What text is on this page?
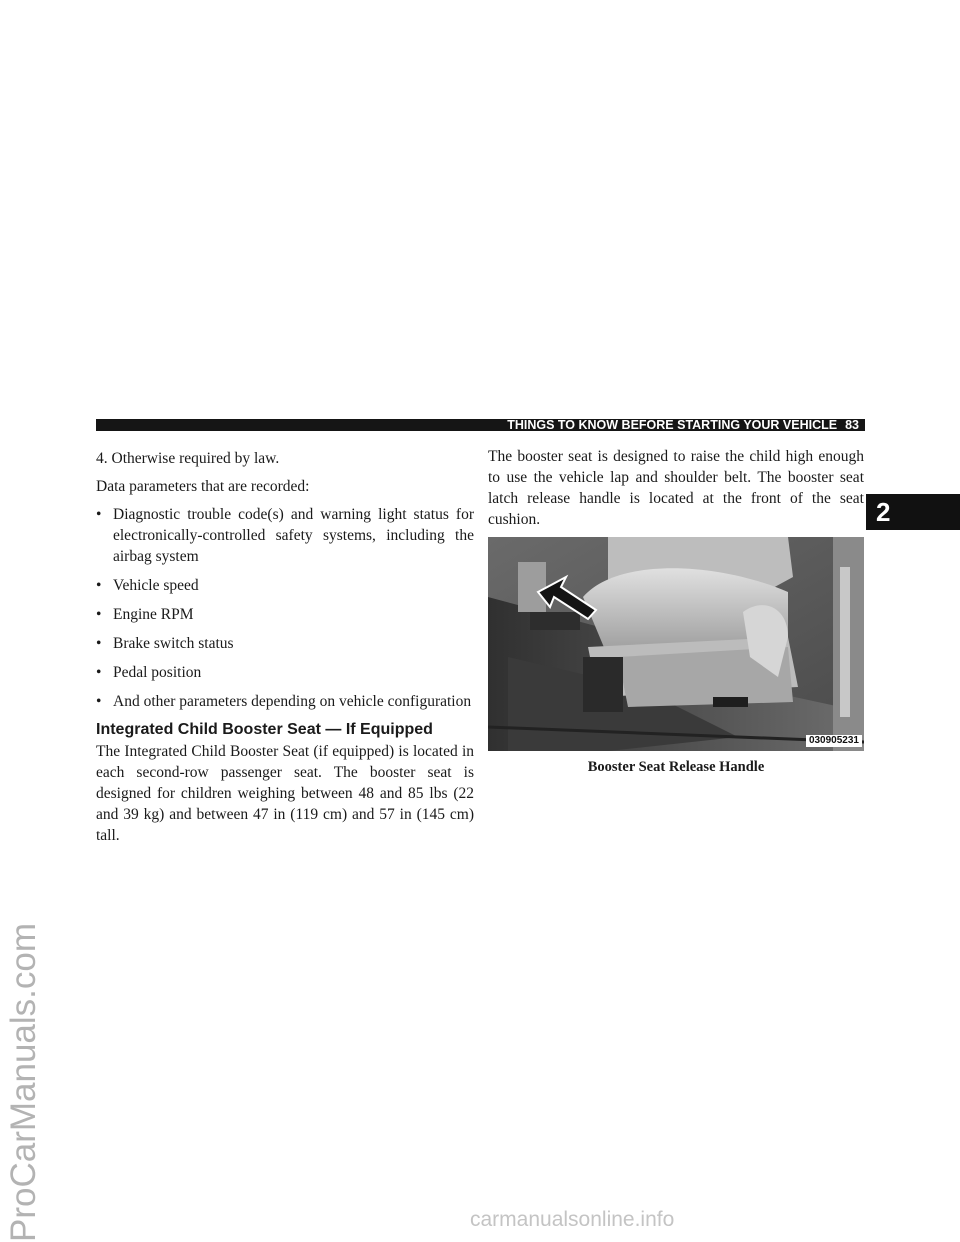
ProCarManuals.com
THINGS TO KNOW BEFORE STARTING YOUR VEHICLE 83
2

4. Otherwise required by law.

Data parameters that are recorded:

• Diagnostic trouble code(s) and warning light status for electronically-controlled safety systems, including the airbag system
• Vehicle speed
• Engine RPM
• Brake switch status
• Pedal position
• And other parameters depending on vehicle configuration
Integrated Child Booster Seat — If Equipped

The Integrated Child Booster Seat (if equipped) is located in each second-row passenger seat. The booster seat is designed for children weighing between 48 and 85 lbs (22 and 39 kg) and between 47 in (119 cm) and 57 in (145 cm) tall.

The booster seat is designed to raise the child high enough to use the vehicle lap and shoulder belt. The booster seat latch release handle is located at the front of the seat cushion.

030905231
Booster Seat Release Handle
carmanualsonline.info
